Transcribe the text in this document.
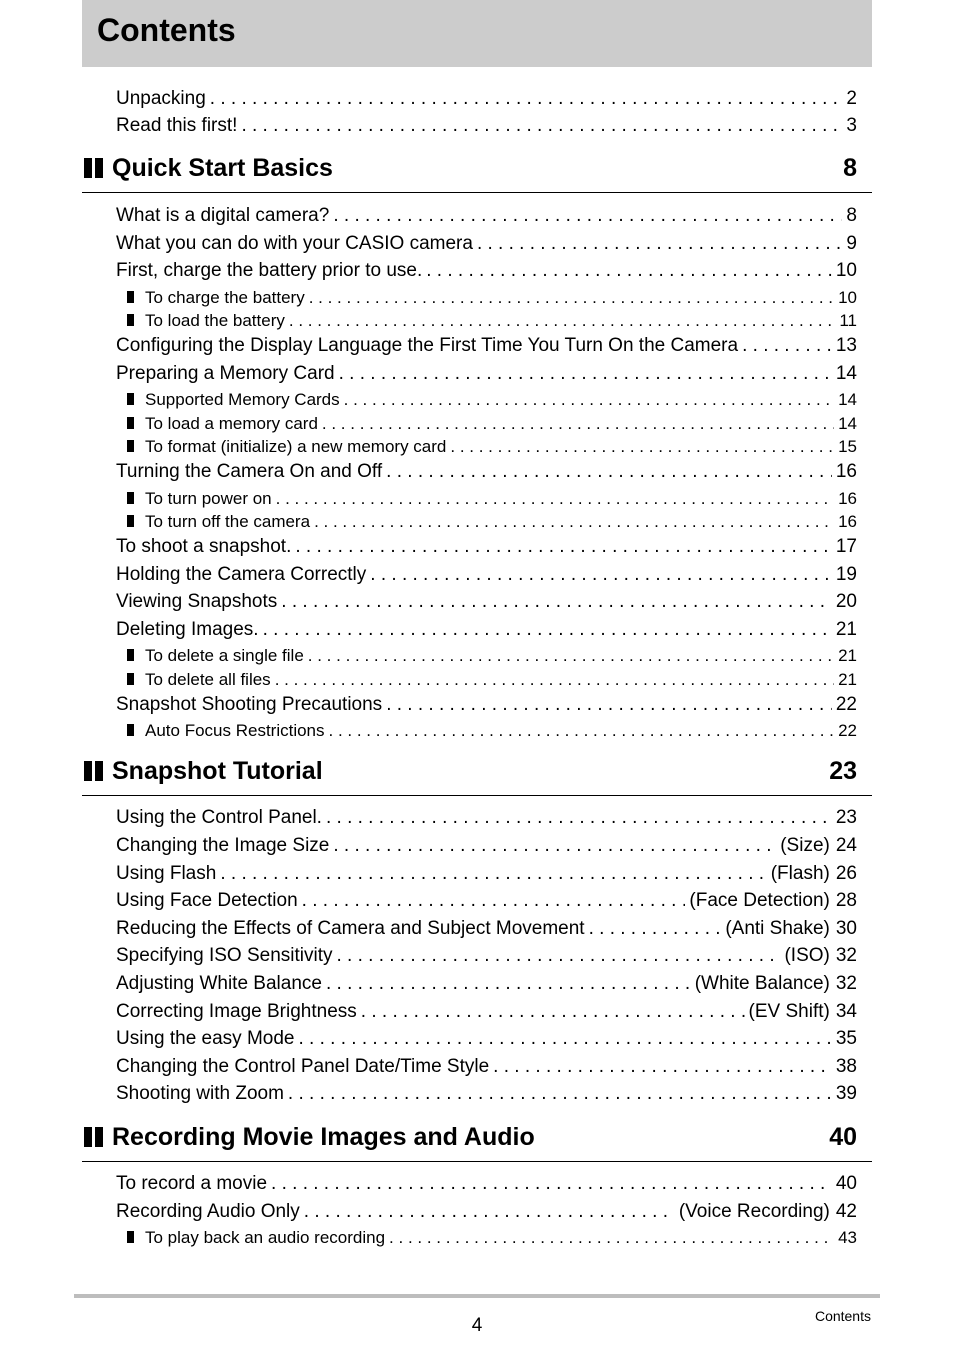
Contents
Unpacking . . .	2
Read this first! . . .	3
Quick Start Basics	8
What is a digital camera? . . .	8
What you can do with your CASIO camera . . .	9
First, charge the battery prior to use. . . .	10
To charge the battery . . .	10
To load the battery . . .	11
Configuring the Display Language the First Time You Turn On the Camera . . .	13
Preparing a Memory Card . . .	14
Supported Memory Cards . . .	14
To load a memory card . . .	14
To format (initialize) a new memory card . . .	15
Turning the Camera On and Off . . .	16
To turn power on . . .	16
To turn off the camera . . .	16
To shoot a snapshot. . . .	17
Holding the Camera Correctly . . .	19
Viewing Snapshots . . .	20
Deleting Images. . . .	21
To delete a single file . . .	21
To delete all files . . .	21
Snapshot Shooting Precautions . . .	22
Auto Focus Restrictions . . .	22
Snapshot Tutorial	23
Using the Control Panel. . . .	23
Changing the Image Size . . .	(Size) 24
Using Flash . . .	(Flash) 26
Using Face Detection . . .	(Face Detection) 28
Reducing the Effects of Camera and Subject Movement . . .	(Anti Shake) 30
Specifying ISO Sensitivity . . .	(ISO) 32
Adjusting White Balance . . .	(White Balance) 32
Correcting Image Brightness . . .	(EV Shift) 34
Using the easy Mode . . .	35
Changing the Control Panel Date/Time Style . . .	38
Shooting with Zoom . . .	39
Recording Movie Images and Audio	40
To record a movie . . .	40
Recording Audio Only . . .	(Voice Recording) 42
To play back an audio recording . . .	43
4	Contents
